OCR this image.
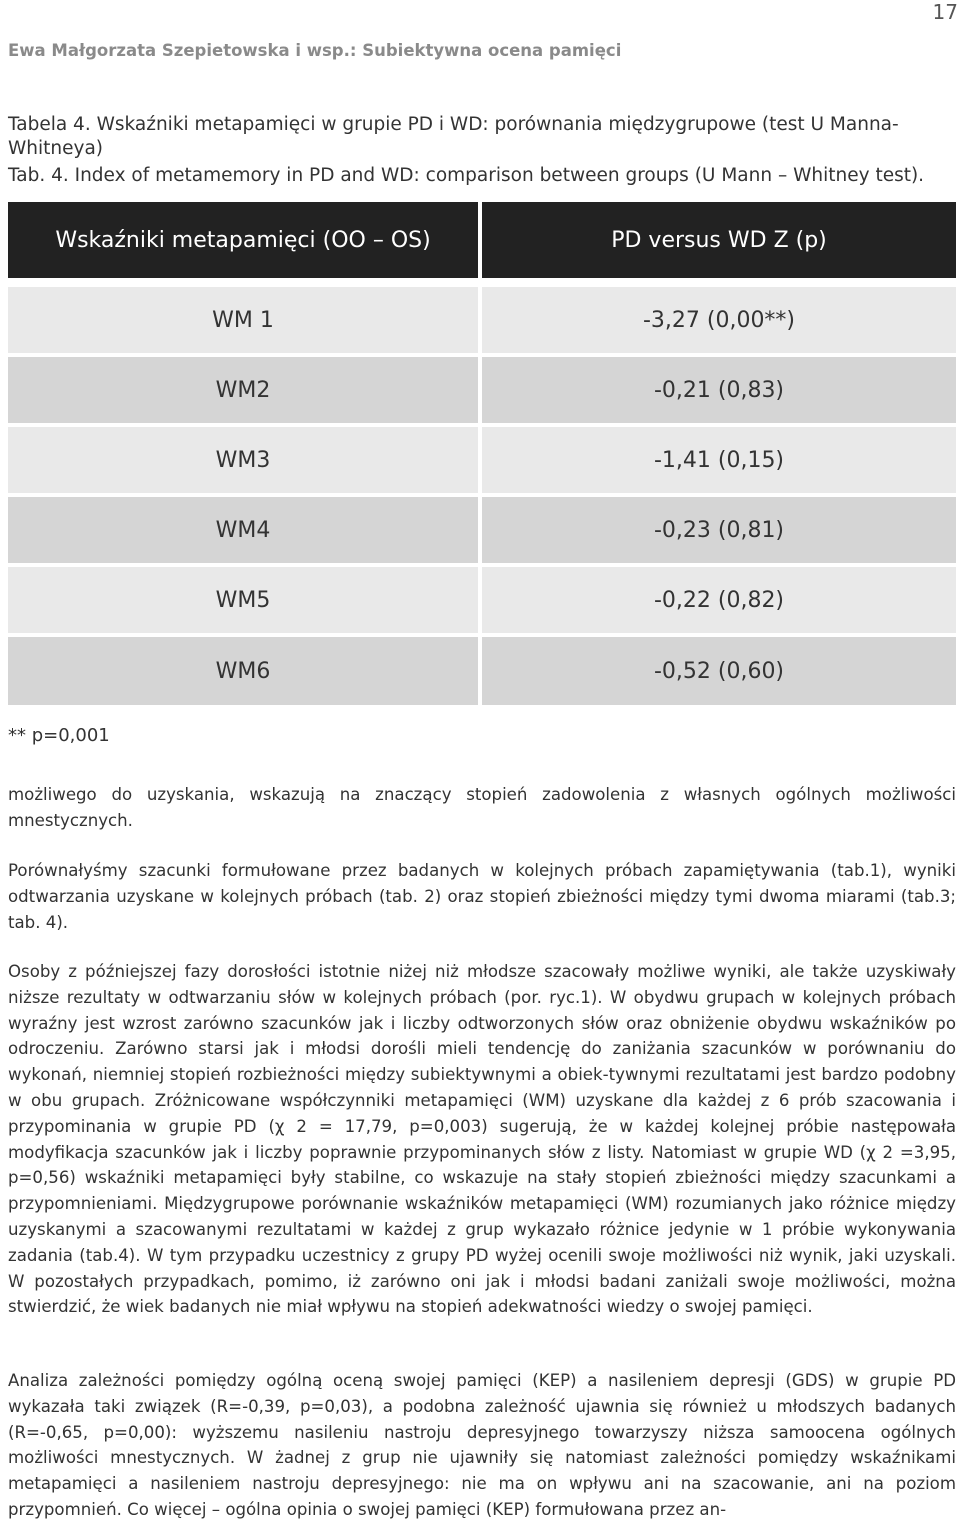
17
Ewa Małgorzata Szepietowska i wsp.: Subiektywna ocena pamięci
Tabela 4. Wskaźniki metapamięci w grupie PD i WD: porównania międzygrupowe (test U Manna-Whitneya)
Tab. 4. Index of metamemory in PD and WD: comparison between groups (U Mann – Whitney test).
Wskaźniki metapamięci (OO – OS)	PD versus WD Z (p)

WM 1	-3,27 (0,00**)
WM2	-0,21 (0,83)
WM3	-1,41 (0,15)
WM4	-0,23 (0,81)
WM5	-0,22 (0,82)
WM6	-0,52 (0,60)
** p=0,001

możliwego do uzyskania, wskazują na znaczący stopień zadowolenia z własnych ogólnych możliwości mnestycznych.

Porównałyśmy szacunki formułowane przez badanych w kolejnych próbach zapamiętywania (tab.1), wyniki odtwarzania uzyskane w kolejnych próbach (tab. 2) oraz stopień zbieżności między tymi dwoma miarami (tab.3; tab. 4).

Osoby z późniejszej fazy dorosłości istotnie niżej niż młodsze szacowały możliwe wyniki, ale także uzyskiwały niższe rezultaty w odtwarzaniu słów w kolejnych próbach (por. ryc.1). W obydwu grupach w kolejnych próbach wyraźny jest wzrost zarówno szacunków jak i liczby odtworzonych słów oraz obniżenie obydwu wskaźników po odroczeniu. Zarówno starsi jak i młodsi dorośli mieli tendencję do zaniżania szacunków w porównaniu do wykonań, niemniej stopień rozbieżności między subiektywnymi a obiek-tywnymi rezultatami jest bardzo podobny w obu grupach. Zróżnicowane współczynniki metapamięci (WM) uzyskane dla każdej z 6 prób szacowania i przypominania w grupie PD (χ 2 = 17,79, p=0,003) sugerują, że w każdej kolejnej próbie następowała modyfikacja szacunków jak i liczby poprawnie przypominanych słów z listy. Natomiast w grupie WD (χ 2 =3,95, p=0,56) wskaźniki metapamięci były stabilne, co wskazuje na stały stopień zbieżności między szacunkami a przypomnieniami. Międzygrupowe porównanie wskaźników metapamięci (WM) rozumianych jako różnice między uzyskanymi a szacowanymi rezultatami w każdej z grup wykazało różnice jedynie w 1 próbie wykonywania zadania (tab.4). W tym przypadku uczestnicy z grupy PD wyżej ocenili swoje możliwości niż wynik, jaki uzyskali. W pozostałych przypadkach, pomimo, iż zarówno oni jak i młodsi badani zaniżali swoje możliwości, można stwierdzić, że wiek badanych nie miał wpływu na stopień adekwatności wiedzy o swojej pamięci.

Analiza zależności pomiędzy ogólną oceną swojej pamięci (KEP) a nasileniem depresji (GDS) w grupie PD wykazała taki związek (R=-0,39, p=0,03), a podobna zależność ujawnia się również u młodszych badanych (R=-0,65, p=0,00): wyższemu nasileniu nastroju depresyjnego towarzyszy niższa samoocena ogólnych możliwości mnestycznych. W żadnej z grup nie ujawniły się natomiast zależności pomiędzy wskaźnikami metapamięci a nasileniem nastroju depresyjnego: nie ma on wpływu ani na szacowanie, ani na poziom przypomnień. Co więcej – ogólna opinia o swojej pamięci (KEP) formułowana przez an-
